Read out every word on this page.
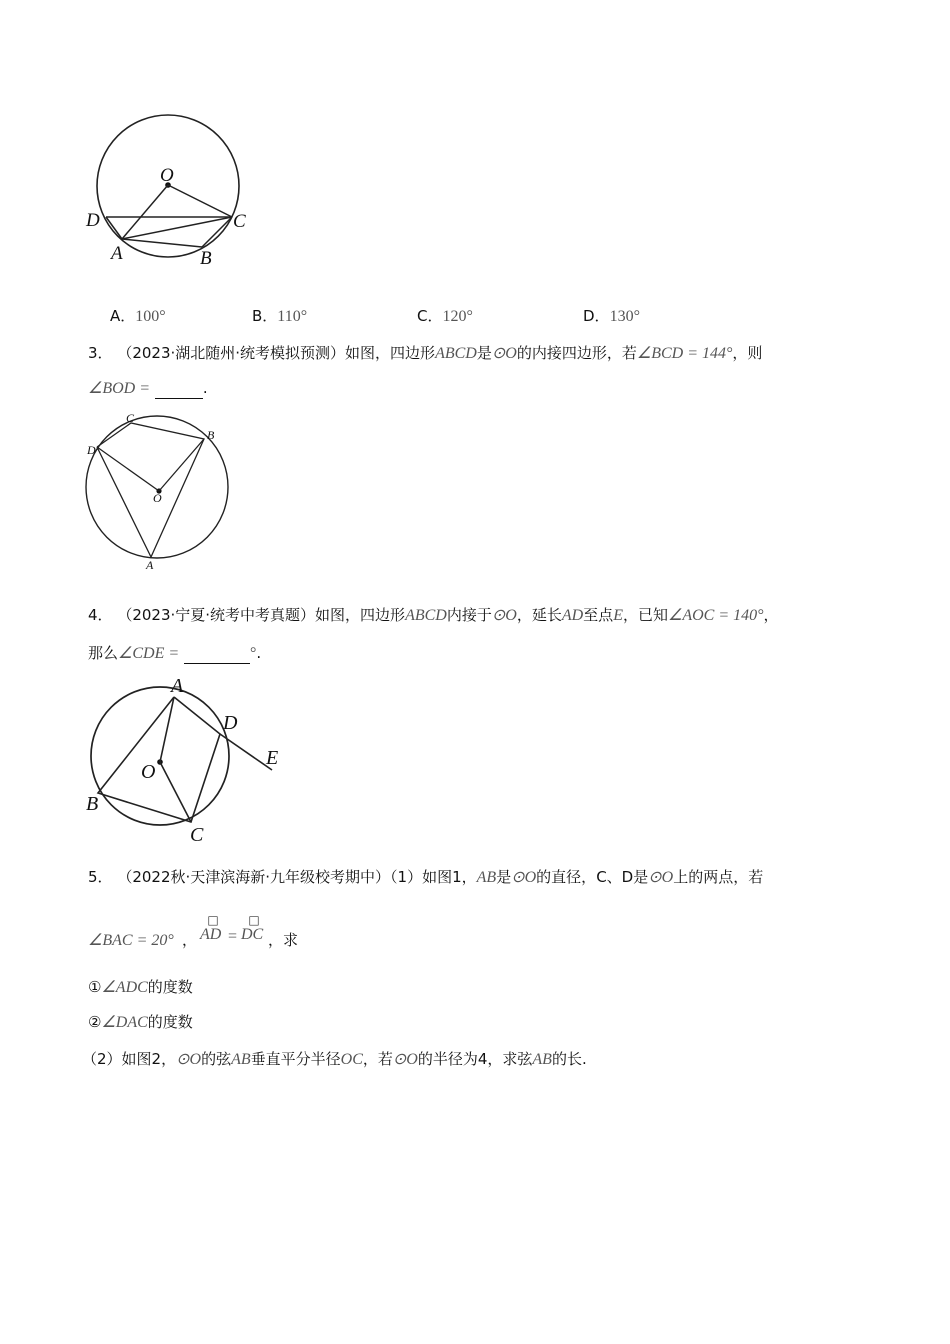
O
D	C
A	B
A．100°	B．110°	C．120°	D．130°
3． （2023·湖北随州·统考模拟预测）如图，四边形ABCD是⊙O的内接四边形，若∠BCD = 144°，则
∠BOD =	.
C
B
D
O
A
4． （2023·宁夏·统考中考真题）如图，四边形ABCD内接于⊙O，延长AD至点E，已知∠AOC = 140°，
那么∠CDE =	°.
A
D
E
O
B
C
5． （2022秋·天津滨海新·九年级校考期中）（1）如图1，AB是⊙O的直径，C、D是⊙O上的两点，若
∠BAC = 20° ，
□
AD =
□
DC ，求
①∠ADC的度数
②∠DAC的度数
（2）如图2，⊙O的弦AB垂直平分半径OC，若⊙O的半径为4，求弦AB的长.
